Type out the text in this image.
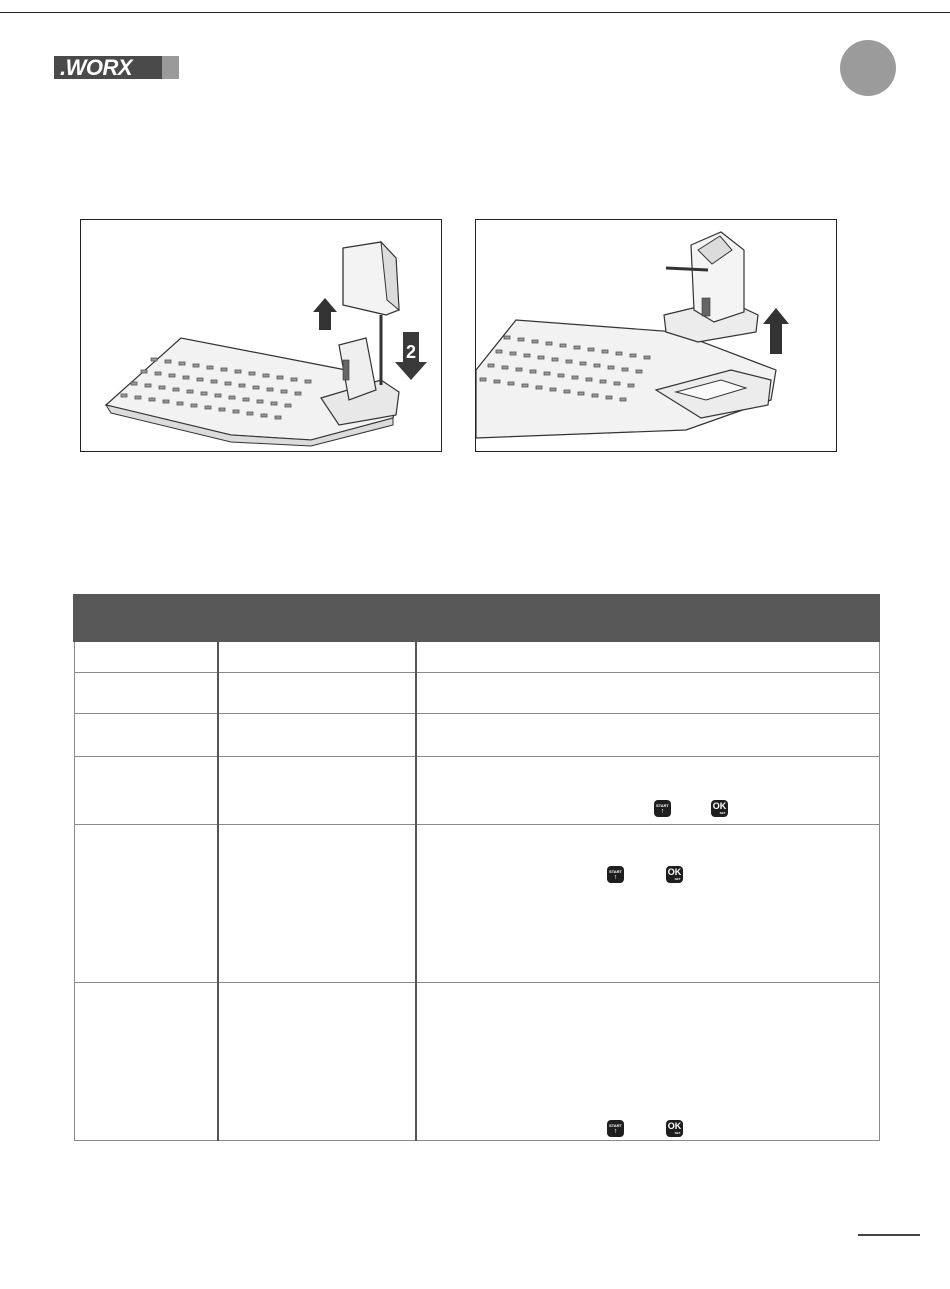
.WORX
2

		START
↑
OK
SET

		START
↑
OK
SET

		START
↑
OK
SET
